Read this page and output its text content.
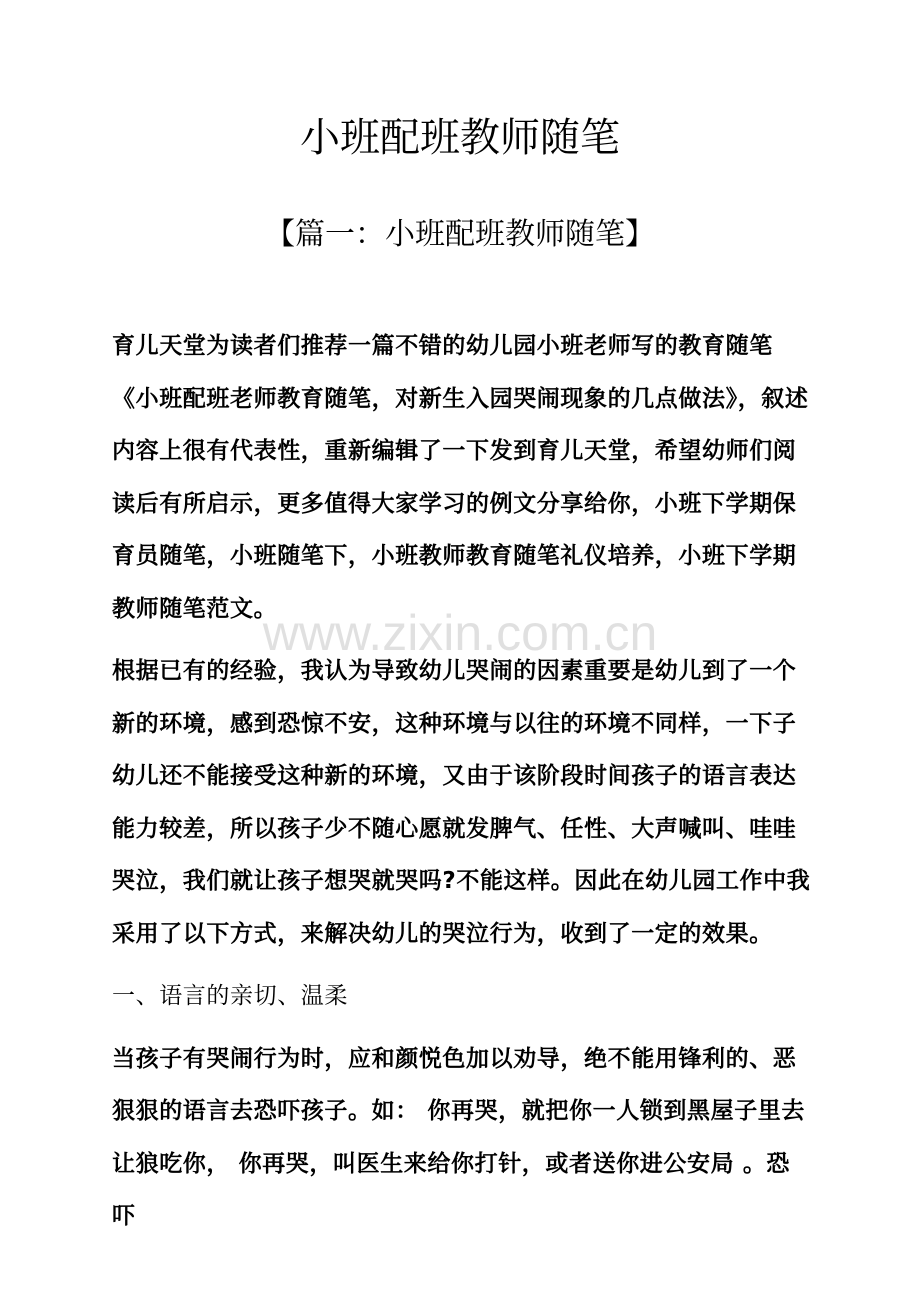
小班配班教师随笔
【篇一：小班配班教师随笔】

育儿天堂为读者们推荐一篇不错的幼儿园小班老师写的教育随笔《小班配班老师教育随笔，对新生入园哭闹现象的几点做法》，叙述内容上很有代表性，重新编辑了一下发到育儿天堂，希望幼师们阅读后有所启示，更多值得大家学习的例文分享给你，小班下学期保育员随笔，小班随笔下，小班教师教育随笔礼仪培养，小班下学期教师随笔范文。

根据已有的经验，我认为导致幼儿哭闹的因素重要是幼儿到了一个新的环境，感到恐惊不安，这种环境与以往的环境不同样，一下子幼儿还不能接受这种新的环境，又由于该阶段时间孩子的语言表达能力较差，所以孩子少不随心愿就发脾气、任性、大声喊叫、哇哇哭泣，我们就让孩子想哭就哭吗?不能这样。因此在幼儿园工作中我采用了以下方式，来解决幼儿的哭泣行为，收到了一定的效果。

一、语言的亲切、温柔

当孩子有哭闹行为时，应和颜悦色加以劝导，绝不能用锋利的、恶狠狠的语言去恐吓孩子。如： 你再哭，就把你一人锁到黑屋子里去让狼吃你， 你再哭，叫医生来给你打针，或者送你进公安局 。恐吓

www.zixin.com.cn
